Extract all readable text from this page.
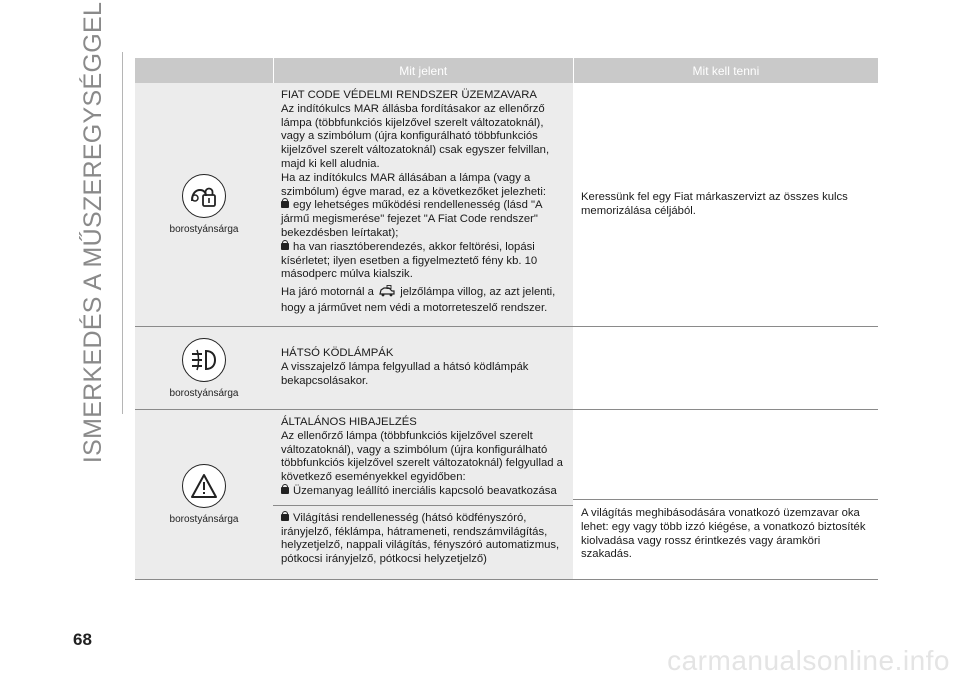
ISMERKEDÉS A MŰSZEREGYSÉGGEL	Mit jelent	Mit kell tenni
borostyánsárga

FIAT CODE VÉDELMI RENDSZER ÜZEMZAVARA

Az indítókulcs MAR állásba fordításakor az ellenőrző lámpa (többfunkciós kijelzővel szerelt változatoknál), vagy a szimbólum (újra konfigurálható többfunkciós kijelzővel szerelt változatoknál) csak egyszer felvillan, majd ki kell aludnia.

Ha az indítókulcs MAR állásában a lámpa (vagy a szimbólum) égve marad, ez a következőket jelezheti:

egy lehetséges működési rendellenesség (lásd "A jármű megismerése" fejezet "A Fiat Code rendszer" bekezdésben leírtakat);

ha van riasztóberendezés, akkor feltörési, lopási kísérletet; ilyen esetben a figyelmeztető fény kb. 10 másodperc múlva kialszik.

Ha járó motornál a jelzőlámpa villog, az azt jelenti, hogy a járművet nem védi a motorreteszelő rendszer.

Keressünk fel egy Fiat márkaszervizt az összes kulcs memorizálása céljából.
borostyánsárga

HÁTSÓ KÖDLÁMPÁK

A visszajelző lámpa felgyullad a hátsó ködlámpák bekapcsolásakor.

borostyánsárga

ÁLTALÁNOS HIBAJELZÉS

Az ellenőrző lámpa (többfunkciós kijelzővel szerelt változatoknál), vagy a szimbólum (újra konfigurálható többfunkciós kijelzővel szerelt változatoknál) felgyullad a következő eseményekkel egyidőben:

Üzemanyag leállító inerciális kapcsoló beavatkozása

Világítási rendellenesség (hátsó ködfényszóró, irányjelző, féklámpa, hátrameneti, rendszámvilágítás, helyzetjelző, nappali világítás, fényszóró automatizmus, pótkocsi irányjelző, pótkocsi helyzetjelző)

A világítás meghibásodására vonatkozó üzemzavar oka lehet: egy vagy több izzó kiégése, a vonatkozó biztosíték kiolvadása vagy rossz érintkezés vagy áramköri szakadás.
68
carmanualsonline.info
